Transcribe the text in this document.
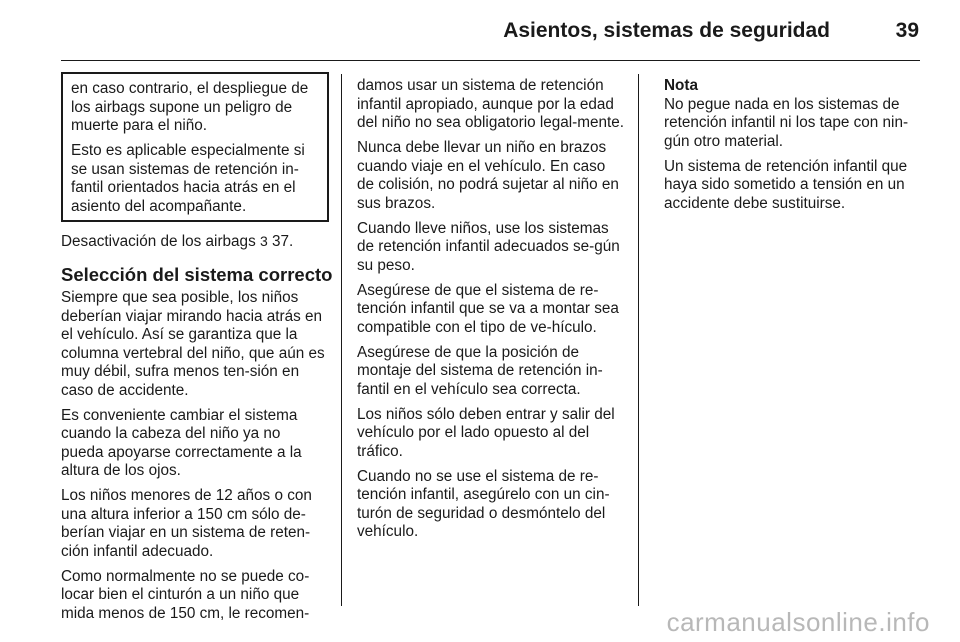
Asientos, sistemas de seguridad	39

en caso contrario, el despliegue de los airbags supone un peligro de muerte para el niño.

Esto es aplicable especialmente si se usan sistemas de retención in-fantil orientados hacia atrás en el asiento del acompañante.

Desactivación de los airbags 3 37.
Selección del sistema correcto

Siempre que sea posible, los niños deberían viajar mirando hacia atrás en el vehículo. Así se garantiza que la columna vertebral del niño, que aún es muy débil, sufra menos ten-sión en caso de accidente.

Es conveniente cambiar el sistema cuando la cabeza del niño ya no pueda apoyarse correctamente a la altura de los ojos.

Los niños menores de 12 años o con una altura inferior a 150 cm sólo de-berían viajar en un sistema de reten-ción infantil adecuado.

Como normalmente no se puede co-locar bien el cinturón a un niño que mida menos de 150 cm, le recomen-

damos usar un sistema de retención infantil apropiado, aunque por la edad del niño no sea obligatorio legal-mente.

Nunca debe llevar un niño en brazos cuando viaje en el vehículo. En caso de colisión, no podrá sujetar al niño en sus brazos.

Cuando lleve niños, use los sistemas de retención infantil adecuados se-gún su peso.

Asegúrese de que el sistema de re-tención infantil que se va a montar sea compatible con el tipo de ve-hículo.

Asegúrese de que la posición de montaje del sistema de retención in-fantil en el vehículo sea correcta.

Los niños sólo deben entrar y salir del vehículo por el lado opuesto al del tráfico.

Cuando no se use el sistema de re-tención infantil, asegúrelo con un cin-turón de seguridad o desmóntelo del vehículo.

Nota

No pegue nada en los sistemas de retención infantil ni los tape con nin-gún otro material.

Un sistema de retención infantil que haya sido sometido a tensión en un accidente debe sustituirse.

carmanualsonline.info
